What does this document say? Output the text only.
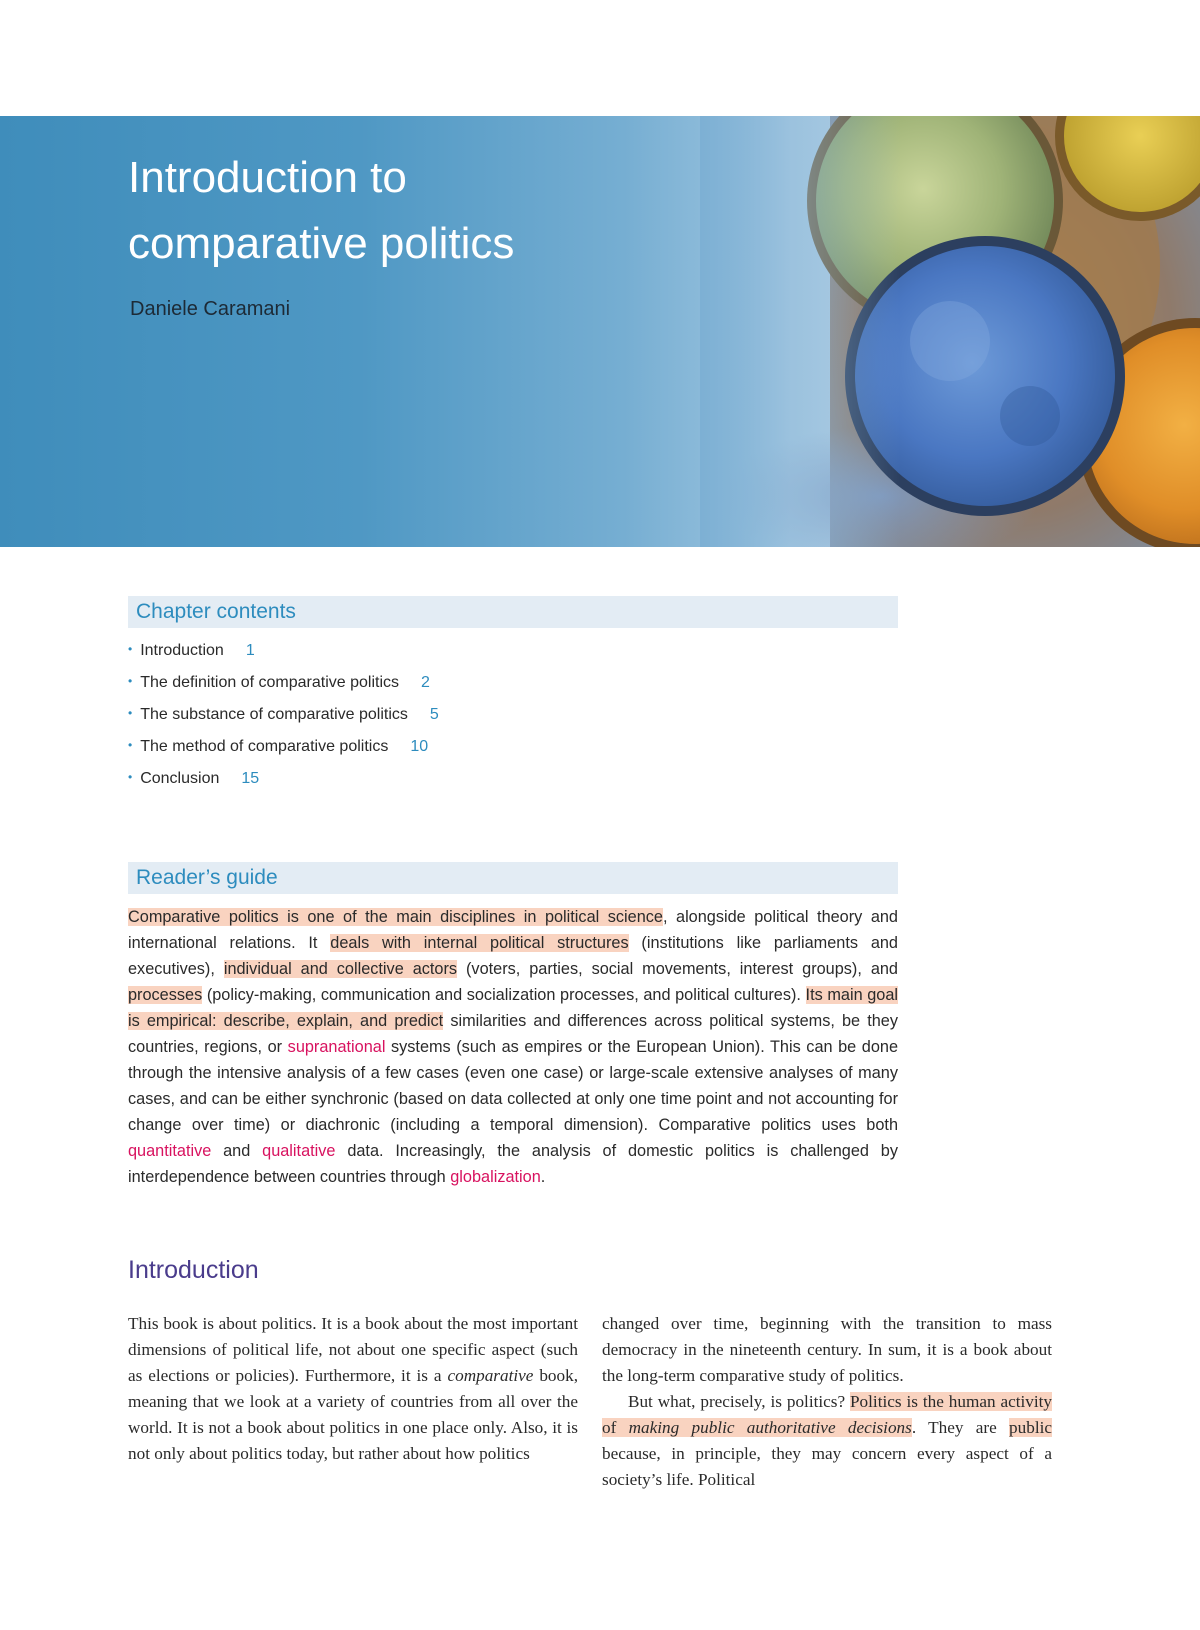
Introduction to
comparative politics
Daniele Caramani
Chapter contents
• Introduction 1
• The definition of comparative politics 2
• The substance of comparative politics 5
• The method of comparative politics 10
• Conclusion 15
Reader’s guide

Comparative politics is one of the main disciplines in political science, alongside political theory and international relations. It deals with internal political structures (institutions like parliaments and executives), individual and collective actors (voters, parties, social movements, interest groups), and processes (policy-making, communication and socialization processes, and political cultures). Its main goal is empirical: describe, explain, and predict similarities and differences across political systems, be they countries, regions, or supranational systems (such as empires or the European Union). This can be done through the intensive analysis of a few cases (even one case) or large-scale extensive analyses of many cases, and can be either synchronic (based on data collected at only one time point and not accounting for change over time) or diachronic (including a temporal dimension). Comparative politics uses both quantitative and qualitative data. Increasingly, the analysis of domestic politics is challenged by interdependence between countries through globalization.

Introduction

This book is about politics. It is a book about the most important dimensions of political life, not about one specific aspect (such as elections or policies). Furthermore, it is a comparative book, meaning that we look at a variety of countries from all over the world. It is not a book about politics in one place only. Also, it is not only about politics today, but rather about how politics

changed over time, beginning with the transition to mass democracy in the nineteenth century. In sum, it is a book about the long-term comparative study of politics.

But what, precisely, is politics? Politics is the human activity of making public authoritative decisions. They are public because, in principle, they may concern every aspect of a society’s life. Political
